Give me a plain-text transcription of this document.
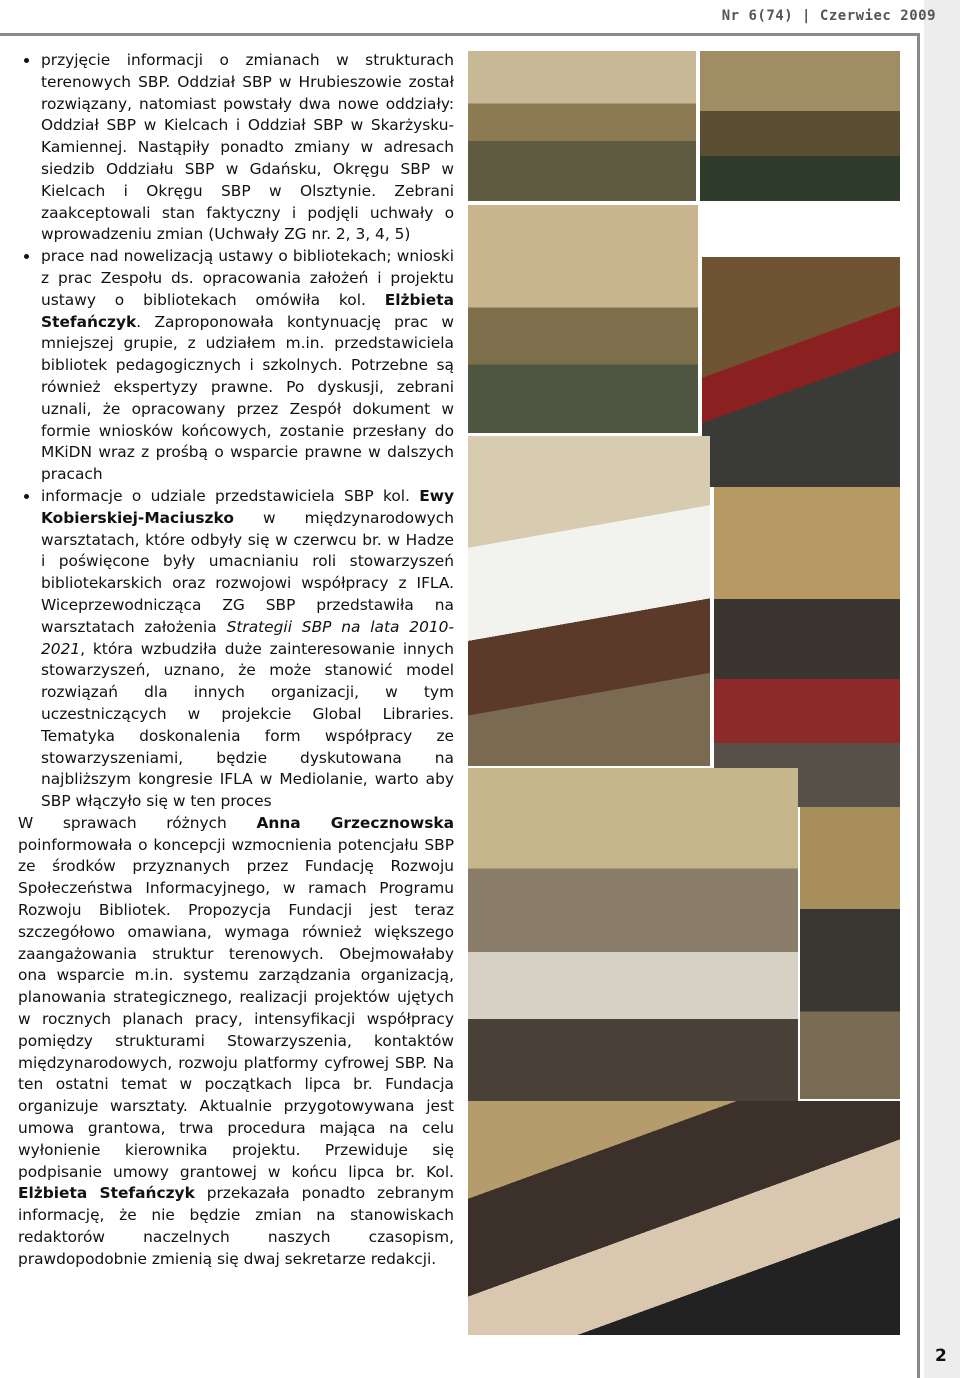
Nr 6(74) | Czerwiec 2009
• przyjęcie informacji o zmianach w strukturach terenowych SBP. Oddział SBP w Hrubieszowie został rozwiązany, natomiast powstały dwa nowe oddziały: Oddział SBP w Kielcach i Oddział SBP w Skarżysku-Kamiennej. Nastąpiły ponadto zmiany w adresach siedzib Oddziału SBP w Gdańsku, Okręgu SBP w Kielcach i Okręgu SBP w Olsztynie. Zebrani zaakceptowali stan faktyczny i podjęli uchwały o wprowadzeniu zmian (Uchwały ZG nr. 2, 3, 4, 5)
• prace nad nowelizacją ustawy o bibliotekach; wnioski z prac Zespołu ds. opracowania założeń i projektu ustawy o bibliotekach omówiła kol. Elżbieta Stefańczyk. Zaproponowała kontynuację prac w mniejszej grupie, z udziałem m.in. przedstawiciela bibliotek pedagogicznych i szkolnych. Potrzebne są również ekspertyzy prawne. Po dyskusji, zebrani uznali, że opracowany przez Zespół dokument w formie wniosków końcowych, zostanie przesłany do MKiDN wraz z prośbą o wsparcie prawne w dalszych pracach
• informacje o udziale przedstawiciela SBP kol. Ewy Kobierskiej-Maciuszko w międzynarodowych warsztatach, które odbyły się w czerwcu br. w Hadze i poświęcone były umacnianiu roli stowarzyszeń bibliotekarskich oraz rozwojowi współpracy z IFLA. Wiceprzewodnicząca ZG SBP przedstawiła na warsztatach założenia Strategii SBP na lata 2010-2021, która wzbudziła duże zainteresowanie innych stowarzyszeń, uznano, że może stanowić model rozwiązań dla innych organizacji, w tym uczestniczących w projekcie Global Libraries. Tematyka doskonalenia form współpracy ze stowarzyszeniami, będzie dyskutowana na najbliższym kongresie IFLA w Mediolanie, warto aby SBP włączyło się w ten proces

W sprawach różnych Anna Grzecznowska poinformowała o koncepcji wzmocnienia potencjału SBP ze środków przyznanych przez Fundację Rozwoju Społeczeństwa Informacyjnego, w ramach Programu Rozwoju Bibliotek. Propozycja Fundacji jest teraz szczegółowo omawiana, wymaga również większego zaangażowania struktur terenowych. Obejmowałaby ona wsparcie m.in. systemu zarządzania organizacją, planowania strategicznego, realizacji projektów ujętych w rocznych planach pracy, intensyfikacji współpracy pomiędzy strukturami Stowarzyszenia, kontaktów międzynarodowych, rozwoju platformy cyfrowej SBP. Na ten ostatni temat w początkach lipca br. Fundacja organizuje warsztaty. Aktualnie przygotowywana jest umowa grantowa, trwa procedura mająca na celu wyłonienie kierownika projektu. Przewiduje się podpisanie umowy grantowej w końcu lipca br. Kol. Elżbieta Stefańczyk przekazała ponadto zebranym informację, że nie będzie zmian na stanowiskach redaktorów naczelnych naszych czasopism, prawdopodobnie zmienią się dwaj sekretarze redakcji.

2
